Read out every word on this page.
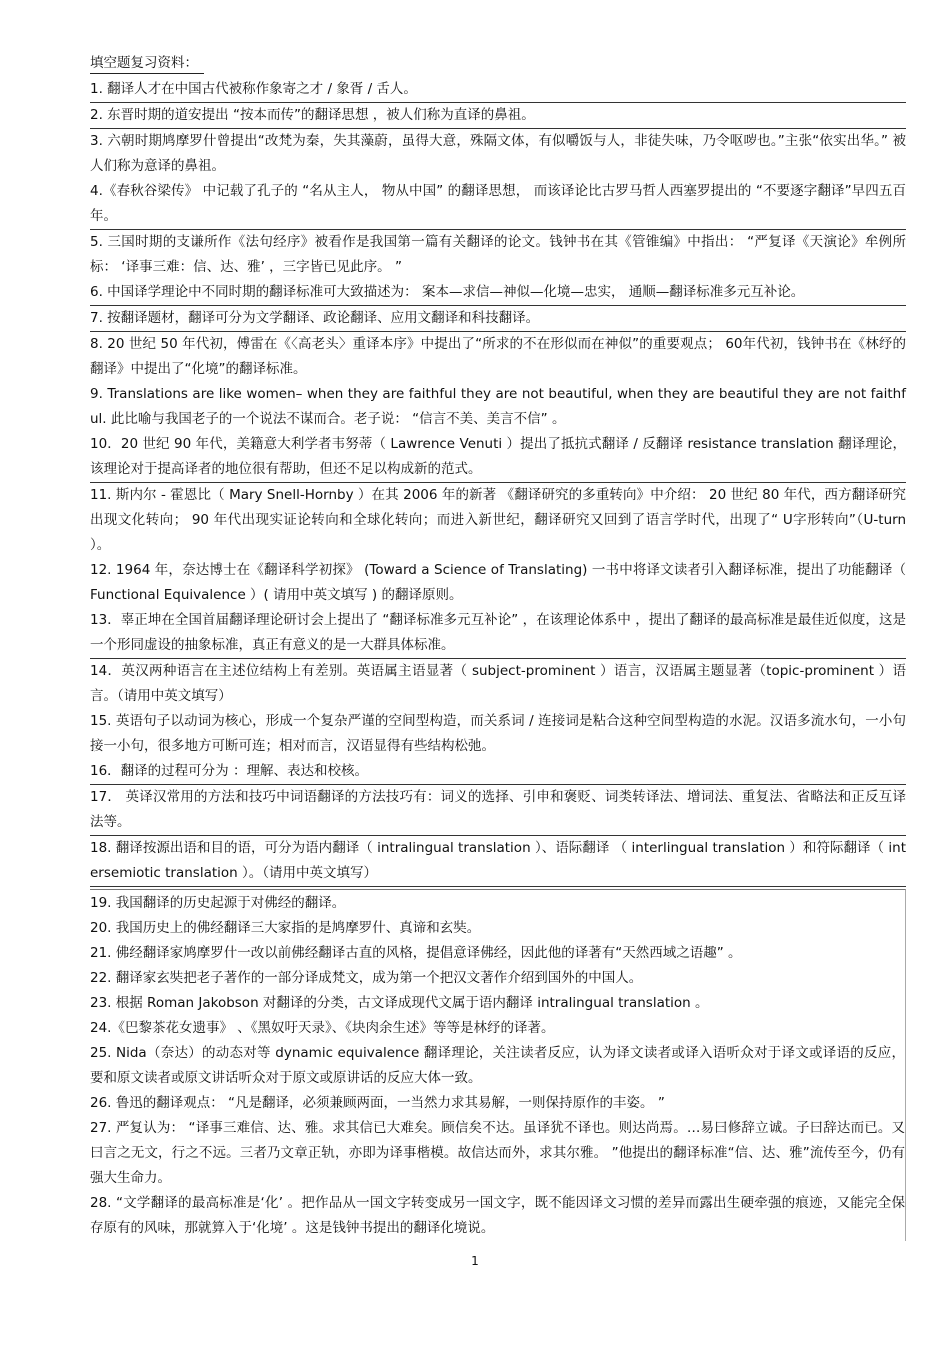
填空题复习资料：
1. 翻译人才在中国古代被称作象寄之才 / 象胥 / 舌人。
2. 东晋时期的道安提出 “按本而传”的翻译思想 ，被人们称为直译的鼻祖。
3. 六朝时期鸠摩罗什曾提出“改梵为秦，失其藻蔚，虽得大意，殊隔文体，有似嚼饭与人，非徒失味，乃令呕哕也。”主张“依实出华。” 被人们称为意译的鼻祖。
4.《春秋谷梁传》 中记载了孔子的 “名从主人， 物从中国” 的翻译思想， 而该译论比古罗马哲人西塞罗提出的 “不要逐字翻译”早四五百年。
5. 三国时期的支谦所作《法句经序》被看作是我国第一篇有关翻译的论文。钱钟书在其《管锥编》中指出： “严复译《天演论》牟例所标： ‘译事三难：信、达、雅’ ，三字皆已见此序。 ”
6. 中国译学理论中不同时期的翻译标准可大致描述为： 案本—求信—神似—化境—忠实， 通顺—翻译标准多元互补论。
7. 按翻译题材，翻译可分为文学翻译、政论翻译、应用文翻译和科技翻译。
8. 20 世纪 50 年代初，傅雷在《〈高老头〉重译本序》中提出了“所求的不在形似而在神似”的重要观点； 60年代初，钱钟书在《林纾的翻译》中提出了“化境”的翻译标准。
9. Translations are like women– when they are faithful they are not beautiful, when they are beautiful they are not faithful. 此比喻与我国老子的一个说法不谋而合。老子说： “信言不美、美言不信” 。
10．20 世纪 90 年代，美籍意大利学者韦努蒂（ Lawrence Venuti ）提出了抵抗式翻译 / 反翻译 resistance translation 翻译理论，该理论对于提高译者的地位很有帮助，但还不足以构成新的范式。
11. 斯内尔 - 霍恩比（ Mary Snell-Hornby ）在其 2006 年的新著 《翻译研究的多重转向》中介绍： 20 世纪 80 年代，西方翻译研究出现文化转向； 90 年代出现实证论转向和全球化转向；而进入新世纪，翻译研究又回到了语言学时代，出现了“ U字形转向”（U-turn ）。
12. 1964 年，奈达博士在《翻译科学初探》 (Toward a Science of Translating) 一书中将译文读者引入翻译标准，提出了功能翻译（ Functional Equivalence ）( 请用中英文填写 ) 的翻译原则。
13．辜正坤在全国首届翻译理论研讨会上提出了 “翻译标准多元互补论” ，在该理论体系中 ，提出了翻译的最高标准是最佳近似度，这是一个形同虚设的抽象标准，真正有意义的是一大群具体标准。
14．英汉两种语言在主述位结构上有差别。英语属主语显著（ subject-prominent ）语言，汉语属主题显著（topic-prominent ）语言。（请用中英文填写）
15. 英语句子以动词为核心，形成一个复杂严谨的空间型构造，而关系词 / 连接词是粘合这种空间型构造的水泥。汉语多流水句，一小句接一小句，很多地方可断可连；相对而言，汉语显得有些结构松弛。
16．翻译的过程可分为 ：理解、表达和校核。
17． 英译汉常用的方法和技巧中词语翻译的方法技巧有：词义的选择、引申和褒贬、词类转译法、增词法、重复法、省略法和正反互译法等。
18. 翻译按源出语和目的语，可分为语内翻译（ intralingual translation ）、语际翻译 （ interlingual translation ）和符际翻译（ intersemiotic translation ）。（请用中英文填写）
19. 我国翻译的历史起源于对佛经的翻译。
20. 我国历史上的佛经翻译三大家指的是鸠摩罗什、真谛和玄奘。
21. 佛经翻译家鸠摩罗什一改以前佛经翻译古直的风格，提倡意译佛经，因此他的译著有“天然西域之语趣” 。
22. 翻译家玄奘把老子著作的一部分译成梵文，成为第一个把汉文著作介绍到国外的中国人。
23. 根据 Roman Jakobson 对翻译的分类，古文译成现代文属于语内翻译 intralingual translation 。
24.《巴黎茶花女遗事》 、《黑奴吁天录》、《块肉余生述》等等是林纾的译著。
25. Nida（奈达）的动态对等 dynamic equivalence 翻译理论，关注读者反应，认为译文读者或译入语听众对于译文或译语的反应，要和原文读者或原文讲话听众对于原文或原讲话的反应大体一致。
26. 鲁迅的翻译观点： “凡是翻译，必须兼顾两面，一当然力求其易解，一则保持原作的丰姿。 ”
27. 严复认为： “译事三难信、达、雅。求其信已大难矣。顾信矣不达。虽译犹不译也。则达尚焉。…易曰修辞立诚。子曰辞达而已。又曰言之无文，行之不远。三者乃文章正轨，亦即为译事楷模。故信达而外，求其尔雅。 ”他提出的翻译标准“信、达、雅”流传至今，仍有强大生命力。
28. “文学翻译的最高标准是‘化’ 。把作品从一国文字转变成另一国文字，既不能因译文习惯的差异而露出生硬牵强的痕迹，又能完全保存原有的风味，那就算入于‘化境’ 。这是钱钟书提出的翻译化境说。
1
